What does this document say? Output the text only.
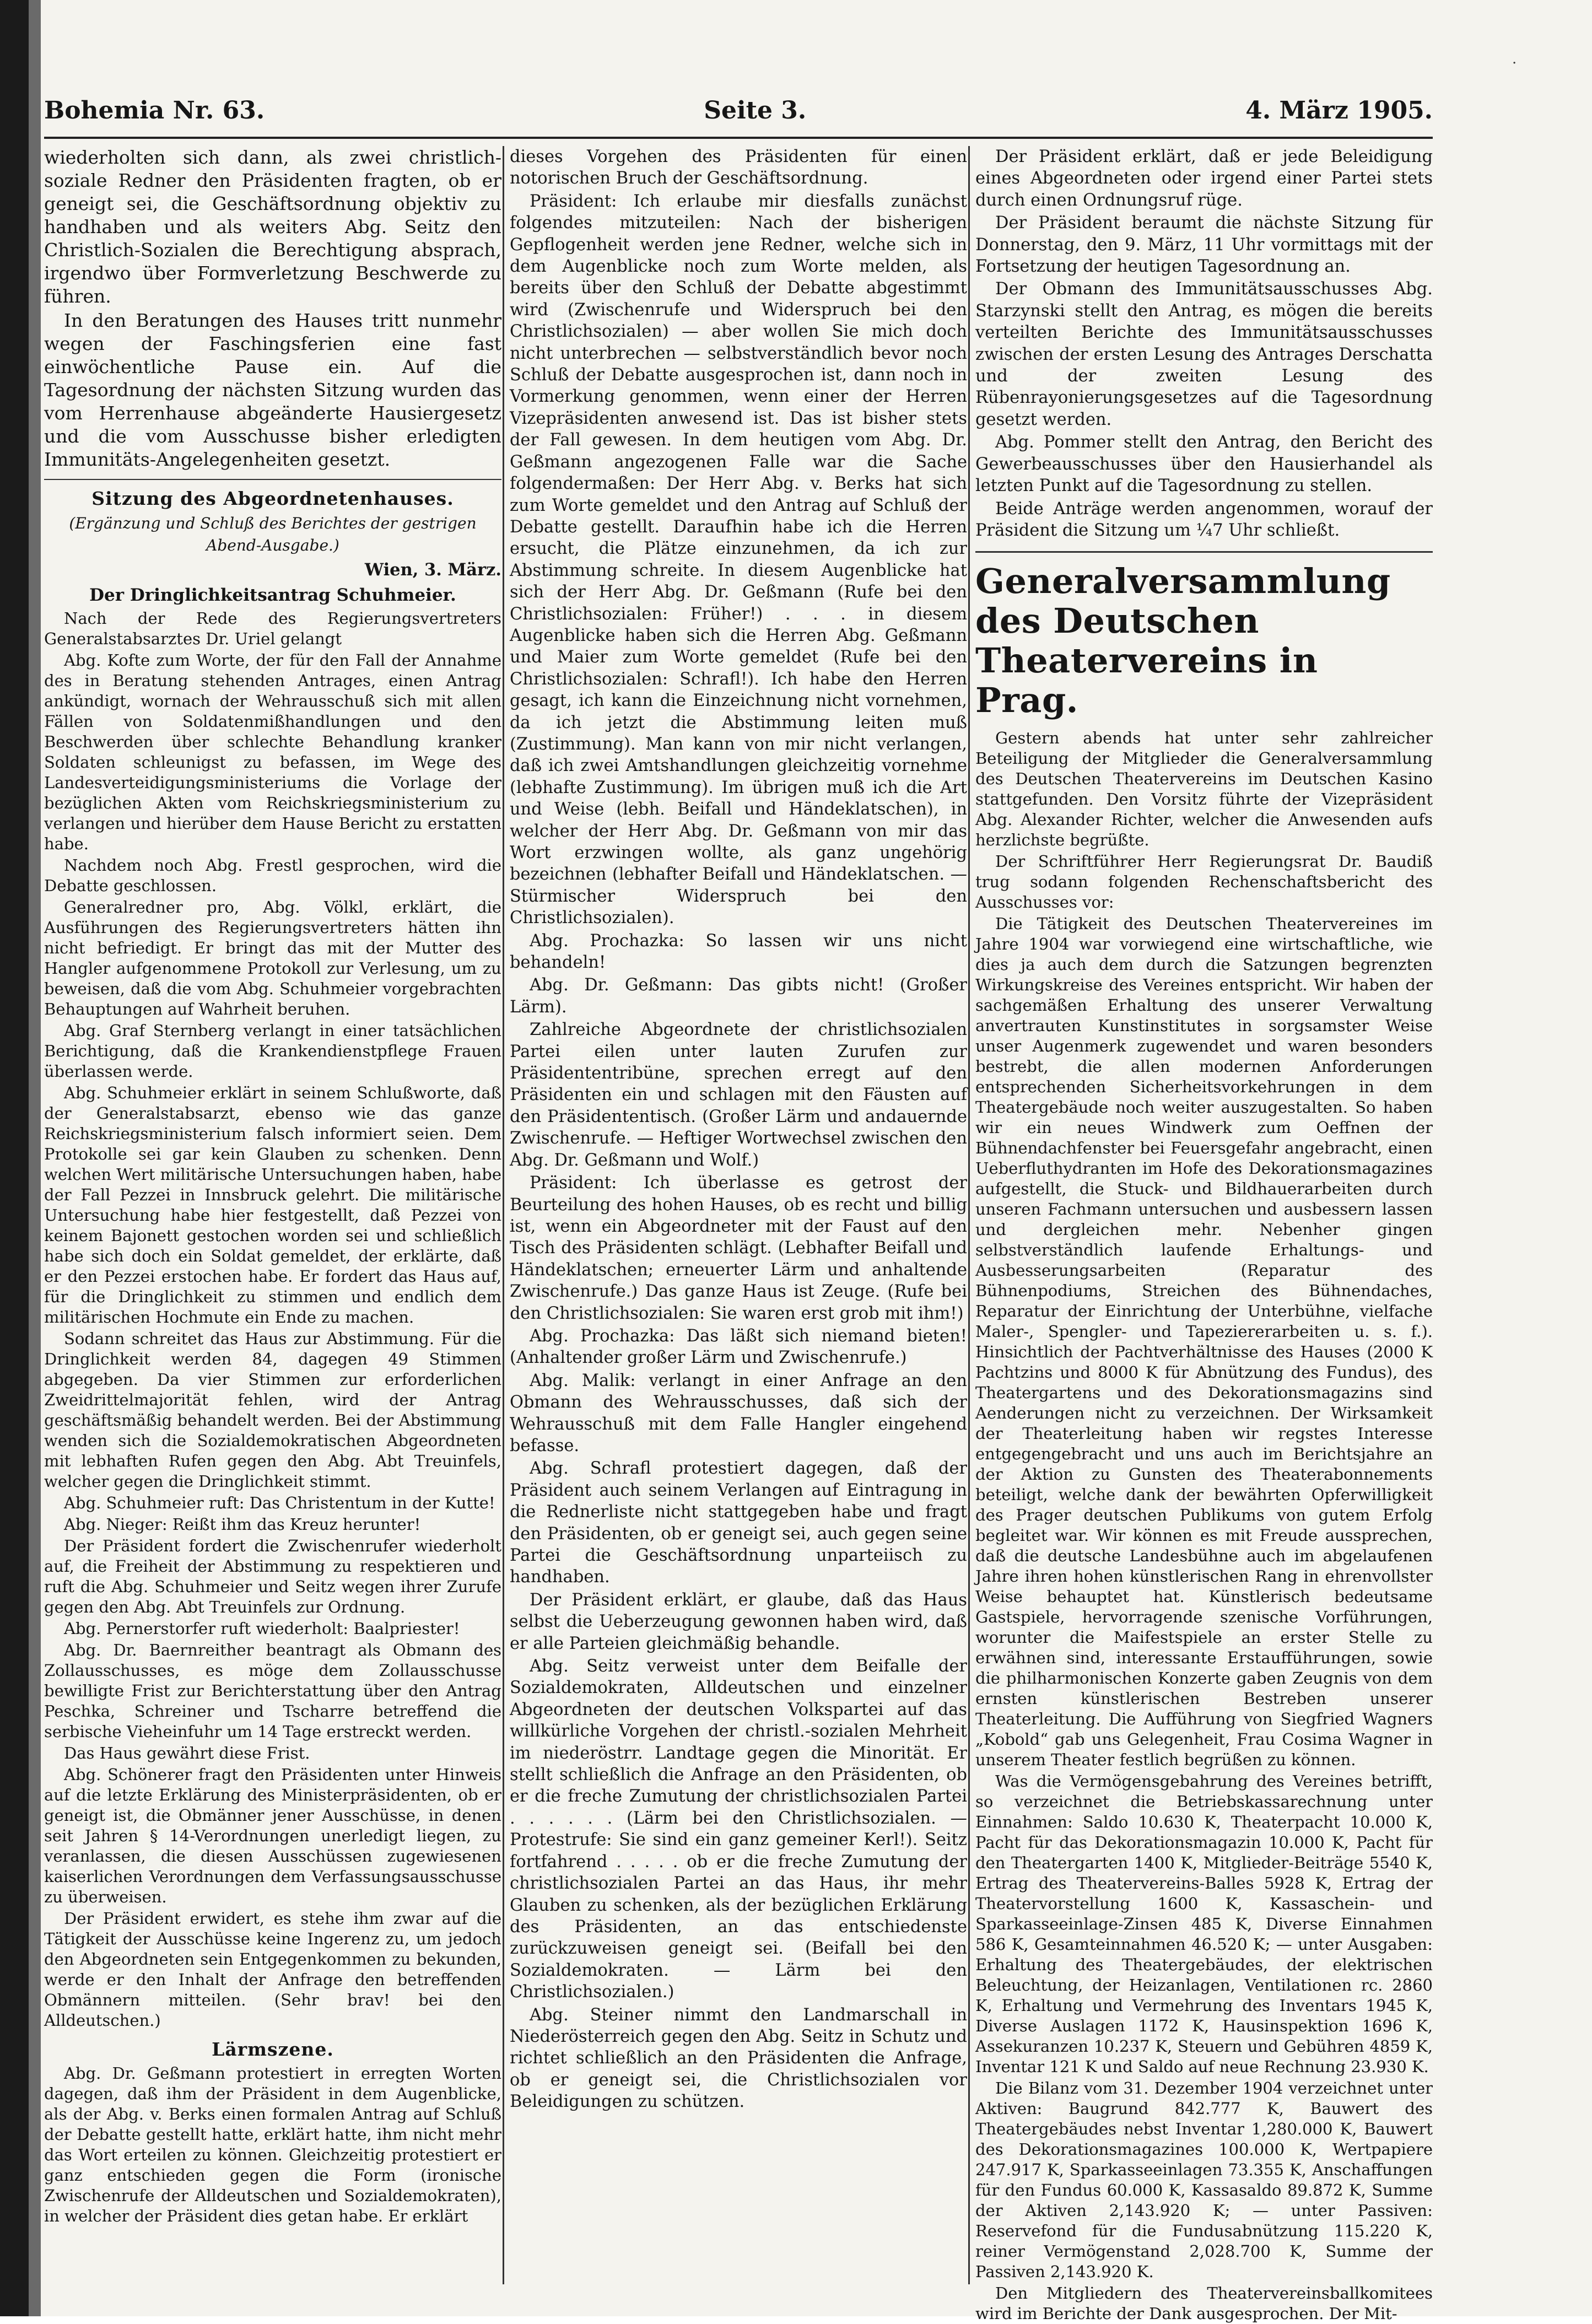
·
Bohemia Nr. 63.	Seite 3.	4. März 1905.

wiederholten sich dann, als zwei christlich-soziale Redner den Präsidenten fragten, ob er geneigt sei, die Geschäftsordnung objektiv zu handhaben und als weiters Abg. Seitz den Christlich-Sozialen die Berechtigung absprach, irgendwo über Formverletzung Beschwerde zu führen.

In den Beratungen des Hauses tritt nunmehr wegen der Faschingsferien eine fast einwöchentliche Pause ein. Auf die Tagesordnung der nächsten Sitzung wurden das vom Herrenhause abgeänderte Hausiergesetz und die vom Ausschusse bisher erledigten Immunitäts-Angelegenheiten gesetzt.

Sitzung des Abgeordnetenhauses.
(Ergänzung und Schluß des Berichtes der gestrigen Abend-Ausgabe.)
Wien, 3. März.
Der Dringlichkeitsantrag Schuhmeier.

Nach der Rede des Regierungsvertreters Generalstabsarztes Dr. Uriel gelangt

Abg. Kofte zum Worte, der für den Fall der Annahme des in Beratung stehenden Antrages, einen Antrag ankündigt, wornach der Wehrausschuß sich mit allen Fällen von Soldatenmißhandlungen und den Beschwerden über schlechte Behandlung kranker Soldaten schleunigst zu befassen, im Wege des Landesverteidigungsministeriums die Vorlage der bezüglichen Akten vom Reichskriegsministerium zu verlangen und hierüber dem Hause Bericht zu erstatten habe.

Nachdem noch Abg. Frestl gesprochen, wird die Debatte geschlossen.

Generalredner pro, Abg. Völkl, erklärt, die Ausführungen des Regierungsvertreters hätten ihn nicht befriedigt. Er bringt das mit der Mutter des Hangler aufgenommene Protokoll zur Verlesung, um zu beweisen, daß die vom Abg. Schuhmeier vorgebrachten Behauptungen auf Wahrheit beruhen.

Abg. Graf Sternberg verlangt in einer tatsächlichen Berichtigung, daß die Krankendienstpflege Frauen überlassen werde.

Abg. Schuhmeier erklärt in seinem Schlußworte, daß der Generalstabsarzt, ebenso wie das ganze Reichskriegsministerium falsch informiert seien. Dem Protokolle sei gar kein Glauben zu schenken. Denn welchen Wert militärische Untersuchungen haben, habe der Fall Pezzei in Innsbruck gelehrt. Die militärische Untersuchung habe hier festgestellt, daß Pezzei von keinem Bajonett gestochen worden sei und schließlich habe sich doch ein Soldat gemeldet, der erklärte, daß er den Pezzei erstochen habe. Er fordert das Haus auf, für die Dringlichkeit zu stimmen und endlich dem militärischen Hochmute ein Ende zu machen.

Sodann schreitet das Haus zur Abstimmung. Für die Dringlichkeit werden 84, dagegen 49 Stimmen abgegeben. Da vier Stimmen zur erforderlichen Zweidrittelmajorität fehlen, wird der Antrag geschäftsmäßig behandelt werden. Bei der Abstimmung wenden sich die Sozialdemokratischen Abgeordneten mit lebhaften Rufen gegen den Abg. Abt Treuinfels, welcher gegen die Dringlichkeit stimmt.

Abg. Schuhmeier ruft: Das Christentum in der Kutte!

Abg. Nieger: Reißt ihm das Kreuz herunter!

Der Präsident fordert die Zwischenrufer wiederholt auf, die Freiheit der Abstimmung zu respektieren und ruft die Abg. Schuhmeier und Seitz wegen ihrer Zurufe gegen den Abg. Abt Treuinfels zur Ordnung.

Abg. Pernerstorfer ruft wiederholt: Baalpriester!

Abg. Dr. Baernreither beantragt als Obmann des Zollausschusses, es möge dem Zollausschusse bewilligte Frist zur Berichterstattung über den Antrag Peschka, Schreiner und Tscharre betreffend die serbische Vieheinfuhr um 14 Tage erstreckt werden.

Das Haus gewährt diese Frist.

Abg. Schönerer fragt den Präsidenten unter Hinweis auf die letzte Erklärung des Ministerpräsidenten, ob er geneigt ist, die Obmänner jener Ausschüsse, in denen seit Jahren § 14-Verordnungen unerledigt liegen, zu veranlassen, die diesen Ausschüssen zugewiesenen kaiserlichen Verordnungen dem Verfassungsausschusse zu überweisen.

Der Präsident erwidert, es stehe ihm zwar auf die Tätigkeit der Ausschüsse keine Ingerenz zu, um jedoch den Abgeordneten sein Entgegenkommen zu bekunden, werde er den Inhalt der Anfrage den betreffenden Obmännern mitteilen. (Sehr brav! bei den Alldeutschen.)

Lärmszene.

Abg. Dr. Geßmann protestiert in erregten Worten dagegen, daß ihm der Präsident in dem Augenblicke, als der Abg. v. Berks einen formalen Antrag auf Schluß der Debatte gestellt hatte, erklärt hatte, ihm nicht mehr das Wort erteilen zu können. Gleichzeitig protestiert er ganz entschieden gegen die Form (ironische Zwischenrufe der Alldeutschen und Sozialdemokraten), in welcher der Präsident dies getan habe. Er erklärt

dieses Vorgehen des Präsidenten für einen notorischen Bruch der Geschäftsordnung.

Präsident: Ich erlaube mir diesfalls zunächst folgendes mitzuteilen: Nach der bisherigen Gepflogenheit werden jene Redner, welche sich in dem Augenblicke noch zum Worte melden, als bereits über den Schluß der Debatte abgestimmt wird (Zwischenrufe und Widerspruch bei den Christlichsozialen) — aber wollen Sie mich doch nicht unterbrechen — selbstverständlich bevor noch Schluß der Debatte ausgesprochen ist, dann noch in Vormerkung genommen, wenn einer der Herren Vizepräsidenten anwesend ist. Das ist bisher stets der Fall gewesen. In dem heutigen vom Abg. Dr. Geßmann angezogenen Falle war die Sache folgendermaßen: Der Herr Abg. v. Berks hat sich zum Worte gemeldet und den Antrag auf Schluß der Debatte gestellt. Daraufhin habe ich die Herren ersucht, die Plätze einzunehmen, da ich zur Abstimmung schreite. In diesem Augenblicke hat sich der Herr Abg. Dr. Geßmann (Rufe bei den Christlichsozialen: Früher!) . . . in diesem Augenblicke haben sich die Herren Abg. Geßmann und Maier zum Worte gemeldet (Rufe bei den Christlichsozialen: Schrafl!). Ich habe den Herren gesagt, ich kann die Einzeichnung nicht vornehmen, da ich jetzt die Abstimmung leiten muß (Zustimmung). Man kann von mir nicht verlangen, daß ich zwei Amtshandlungen gleichzeitig vornehme (lebhafte Zustimmung). Im übrigen muß ich die Art und Weise (lebh. Beifall und Händeklatschen), in welcher der Herr Abg. Dr. Geßmann von mir das Wort erzwingen wollte, als ganz ungehörig bezeichnen (lebhafter Beifall und Händeklatschen. — Stürmischer Widerspruch bei den Christlichsozialen).

Abg. Prochazka: So lassen wir uns nicht behandeln!

Abg. Dr. Geßmann: Das gibts nicht! (Großer Lärm).

Zahlreiche Abgeordnete der christlichsozialen Partei eilen unter lauten Zurufen zur Präsidententribüne, sprechen erregt auf den Präsidenten ein und schlagen mit den Fäusten auf den Präsidententisch. (Großer Lärm und andauernde Zwischenrufe. — Heftiger Wortwechsel zwischen den Abg. Dr. Geßmann und Wolf.)

Präsident: Ich überlasse es getrost der Beurteilung des hohen Hauses, ob es recht und billig ist, wenn ein Abgeordneter mit der Faust auf den Tisch des Präsidenten schlägt. (Lebhafter Beifall und Händeklatschen; erneuerter Lärm und anhaltende Zwischenrufe.) Das ganze Haus ist Zeuge. (Rufe bei den Christlichsozialen: Sie waren erst grob mit ihm!)

Abg. Prochazka: Das läßt sich niemand bieten! (Anhaltender großer Lärm und Zwischenrufe.)

Abg. Malik: verlangt in einer Anfrage an den Obmann des Wehrausschusses, daß sich der Wehrausschuß mit dem Falle Hangler eingehend befasse.

Abg. Schrafl protestiert dagegen, daß der Präsident auch seinem Verlangen auf Eintragung in die Rednerliste nicht stattgegeben habe und fragt den Präsidenten, ob er geneigt sei, auch gegen seine Partei die Geschäftsordnung unparteiisch zu handhaben.

Der Präsident erklärt, er glaube, daß das Haus selbst die Ueberzeugung gewonnen haben wird, daß er alle Parteien gleichmäßig behandle.

Abg. Seitz verweist unter dem Beifalle der Sozialdemokraten, Alldeutschen und einzelner Abgeordneten der deutschen Volkspartei auf das willkürliche Vorgehen der christl.-sozialen Mehrheit im niederöstrr. Landtage gegen die Minorität. Er stellt schließlich die Anfrage an den Präsidenten, ob er die freche Zumutung der christlichsozialen Partei . . . . . . (Lärm bei den Christlichsozialen. — Protestrufe: Sie sind ein ganz gemeiner Kerl!). Seitz fortfahrend . . . . . ob er die freche Zumutung der christlichsozialen Partei an das Haus, ihr mehr Glauben zu schenken, als der bezüglichen Erklärung des Präsidenten, an das entschiedenste zurückzuweisen geneigt sei. (Beifall bei den Sozialdemokraten. — Lärm bei den Christlichsozialen.)

Abg. Steiner nimmt den Landmarschall in Niederösterreich gegen den Abg. Seitz in Schutz und richtet schließlich an den Präsidenten die Anfrage, ob er geneigt sei, die Christlichsozialen vor Beleidigungen zu schützen.

Der Präsident erklärt, daß er jede Beleidigung eines Abgeordneten oder irgend einer Partei stets durch einen Ordnungsruf rüge.

Der Präsident beraumt die nächste Sitzung für Donnerstag, den 9. März, 11 Uhr vormittags mit der Fortsetzung der heutigen Tagesordnung an.

Der Obmann des Immunitätsausschusses Abg. Starzynski stellt den Antrag, es mögen die bereits verteilten Berichte des Immunitätsausschusses zwischen der ersten Lesung des Antrages Derschatta und der zweiten Lesung des Rübenrayonierungsgesetzes auf die Tagesordnung gesetzt werden.

Abg. Pommer stellt den Antrag, den Bericht des Gewerbeausschusses über den Hausierhandel als letzten Punkt auf die Tagesordnung zu stellen.

Beide Anträge werden angenommen, worauf der Präsident die Sitzung um ¼7 Uhr schließt.

Generalversammlung des Deutschen Theatervereins in Prag.

Gestern abends hat unter sehr zahlreicher Beteiligung der Mitglieder die Generalversammlung des Deutschen Theatervereins im Deutschen Kasino stattgefunden. Den Vorsitz führte der Vizepräsident Abg. Alexander Richter, welcher die Anwesenden aufs herzlichste begrüßte.

Der Schriftführer Herr Regierungsrat Dr. Baudiß trug sodann folgenden Rechenschaftsbericht des Ausschusses vor:

Die Tätigkeit des Deutschen Theatervereines im Jahre 1904 war vorwiegend eine wirtschaftliche, wie dies ja auch dem durch die Satzungen begrenzten Wirkungskreise des Vereines entspricht. Wir haben der sachgemäßen Erhaltung des unserer Verwaltung anvertrauten Kunstinstitutes in sorgsamster Weise unser Augenmerk zugewendet und waren besonders bestrebt, die allen modernen Anforderungen entsprechenden Sicherheitsvorkehrungen in dem Theatergebäude noch weiter auszugestalten. So haben wir ein neues Windwerk zum Oeffnen der Bühnendachfenster bei Feuersgefahr angebracht, einen Ueberfluthydranten im Hofe des Dekorationsmagazines aufgestellt, die Stuck- und Bildhauerarbeiten durch unseren Fachmann untersuchen und ausbessern lassen und dergleichen mehr. Nebenher gingen selbstverständlich laufende Erhaltungs- und Ausbesserungsarbeiten (Reparatur des Bühnenpodiums, Streichen des Bühnendaches, Reparatur der Einrichtung der Unterbühne, vielfache Maler-, Spengler- und Tapeziererarbeiten u. s. f.). Hinsichtlich der Pachtverhältnisse des Hauses (2000 K Pachtzins und 8000 K für Abnützung des Fundus), des Theatergartens und des Dekorationsmagazins sind Aenderungen nicht zu verzeichnen. Der Wirksamkeit der Theaterleitung haben wir regstes Interesse entgegengebracht und uns auch im Berichtsjahre an der Aktion zu Gunsten des Theaterabonnements beteiligt, welche dank der bewährten Opferwilligkeit des Prager deutschen Publikums von gutem Erfolg begleitet war. Wir können es mit Freude aussprechen, daß die deutsche Landesbühne auch im abgelaufenen Jahre ihren hohen künstlerischen Rang in ehrenvollster Weise behauptet hat. Künstlerisch bedeutsame Gastspiele, hervorragende szenische Vorführungen, worunter die Maifestspiele an erster Stelle zu erwähnen sind, interessante Erstaufführungen, sowie die philharmonischen Konzerte gaben Zeugnis von dem ernsten künstlerischen Bestreben unserer Theaterleitung. Die Aufführung von Siegfried Wagners „Kobold“ gab uns Gelegenheit, Frau Cosima Wagner in unserem Theater festlich begrüßen zu können.

Was die Vermögensgebahrung des Vereines betrifft, so verzeichnet die Betriebskassarechnung unter Einnahmen: Saldo 10.630 K, Theaterpacht 10.000 K, Pacht für das Dekorationsmagazin 10.000 K, Pacht für den Theatergarten 1400 K, Mitglieder-Beiträge 5540 K, Ertrag des Theatervereins-Balles 5928 K, Ertrag der Theatervorstellung 1600 K, Kassaschein- und Sparkasseeinlage-Zinsen 485 K, Diverse Einnahmen 586 K, Gesamteinnahmen 46.520 K; — unter Ausgaben: Erhaltung des Theatergebäudes, der elektrischen Beleuchtung, der Heizanlagen, Ventilationen rc. 2860 K, Erhaltung und Vermehrung des Inventars 1945 K, Diverse Auslagen 1172 K, Hausinspektion 1696 K, Assekuranzen 10.237 K, Steuern und Gebühren 4859 K, Inventar 121 K und Saldo auf neue Rechnung 23.930 K.

Die Bilanz vom 31. Dezember 1904 verzeichnet unter Aktiven: Baugrund 842.777 K, Bauwert des Theatergebäudes nebst Inventar 1,280.000 K, Bauwert des Dekorationsmagazines 100.000 K, Wertpapiere 247.917 K, Sparkasseeinlagen 73.355 K, Anschaffungen für den Fundus 60.000 K, Kassasaldo 89.872 K, Summe der Aktiven 2,143.920 K; — unter Passiven: Reservefond für die Fundusabnützung 115.220 K, reiner Vermögenstand 2,028.700 K, Summe der Passiven 2,143.920 K.

Den Mitgliedern des Theatervereinsballkomitees wird im Berichte der Dank ausgesprochen. Der Mit-
